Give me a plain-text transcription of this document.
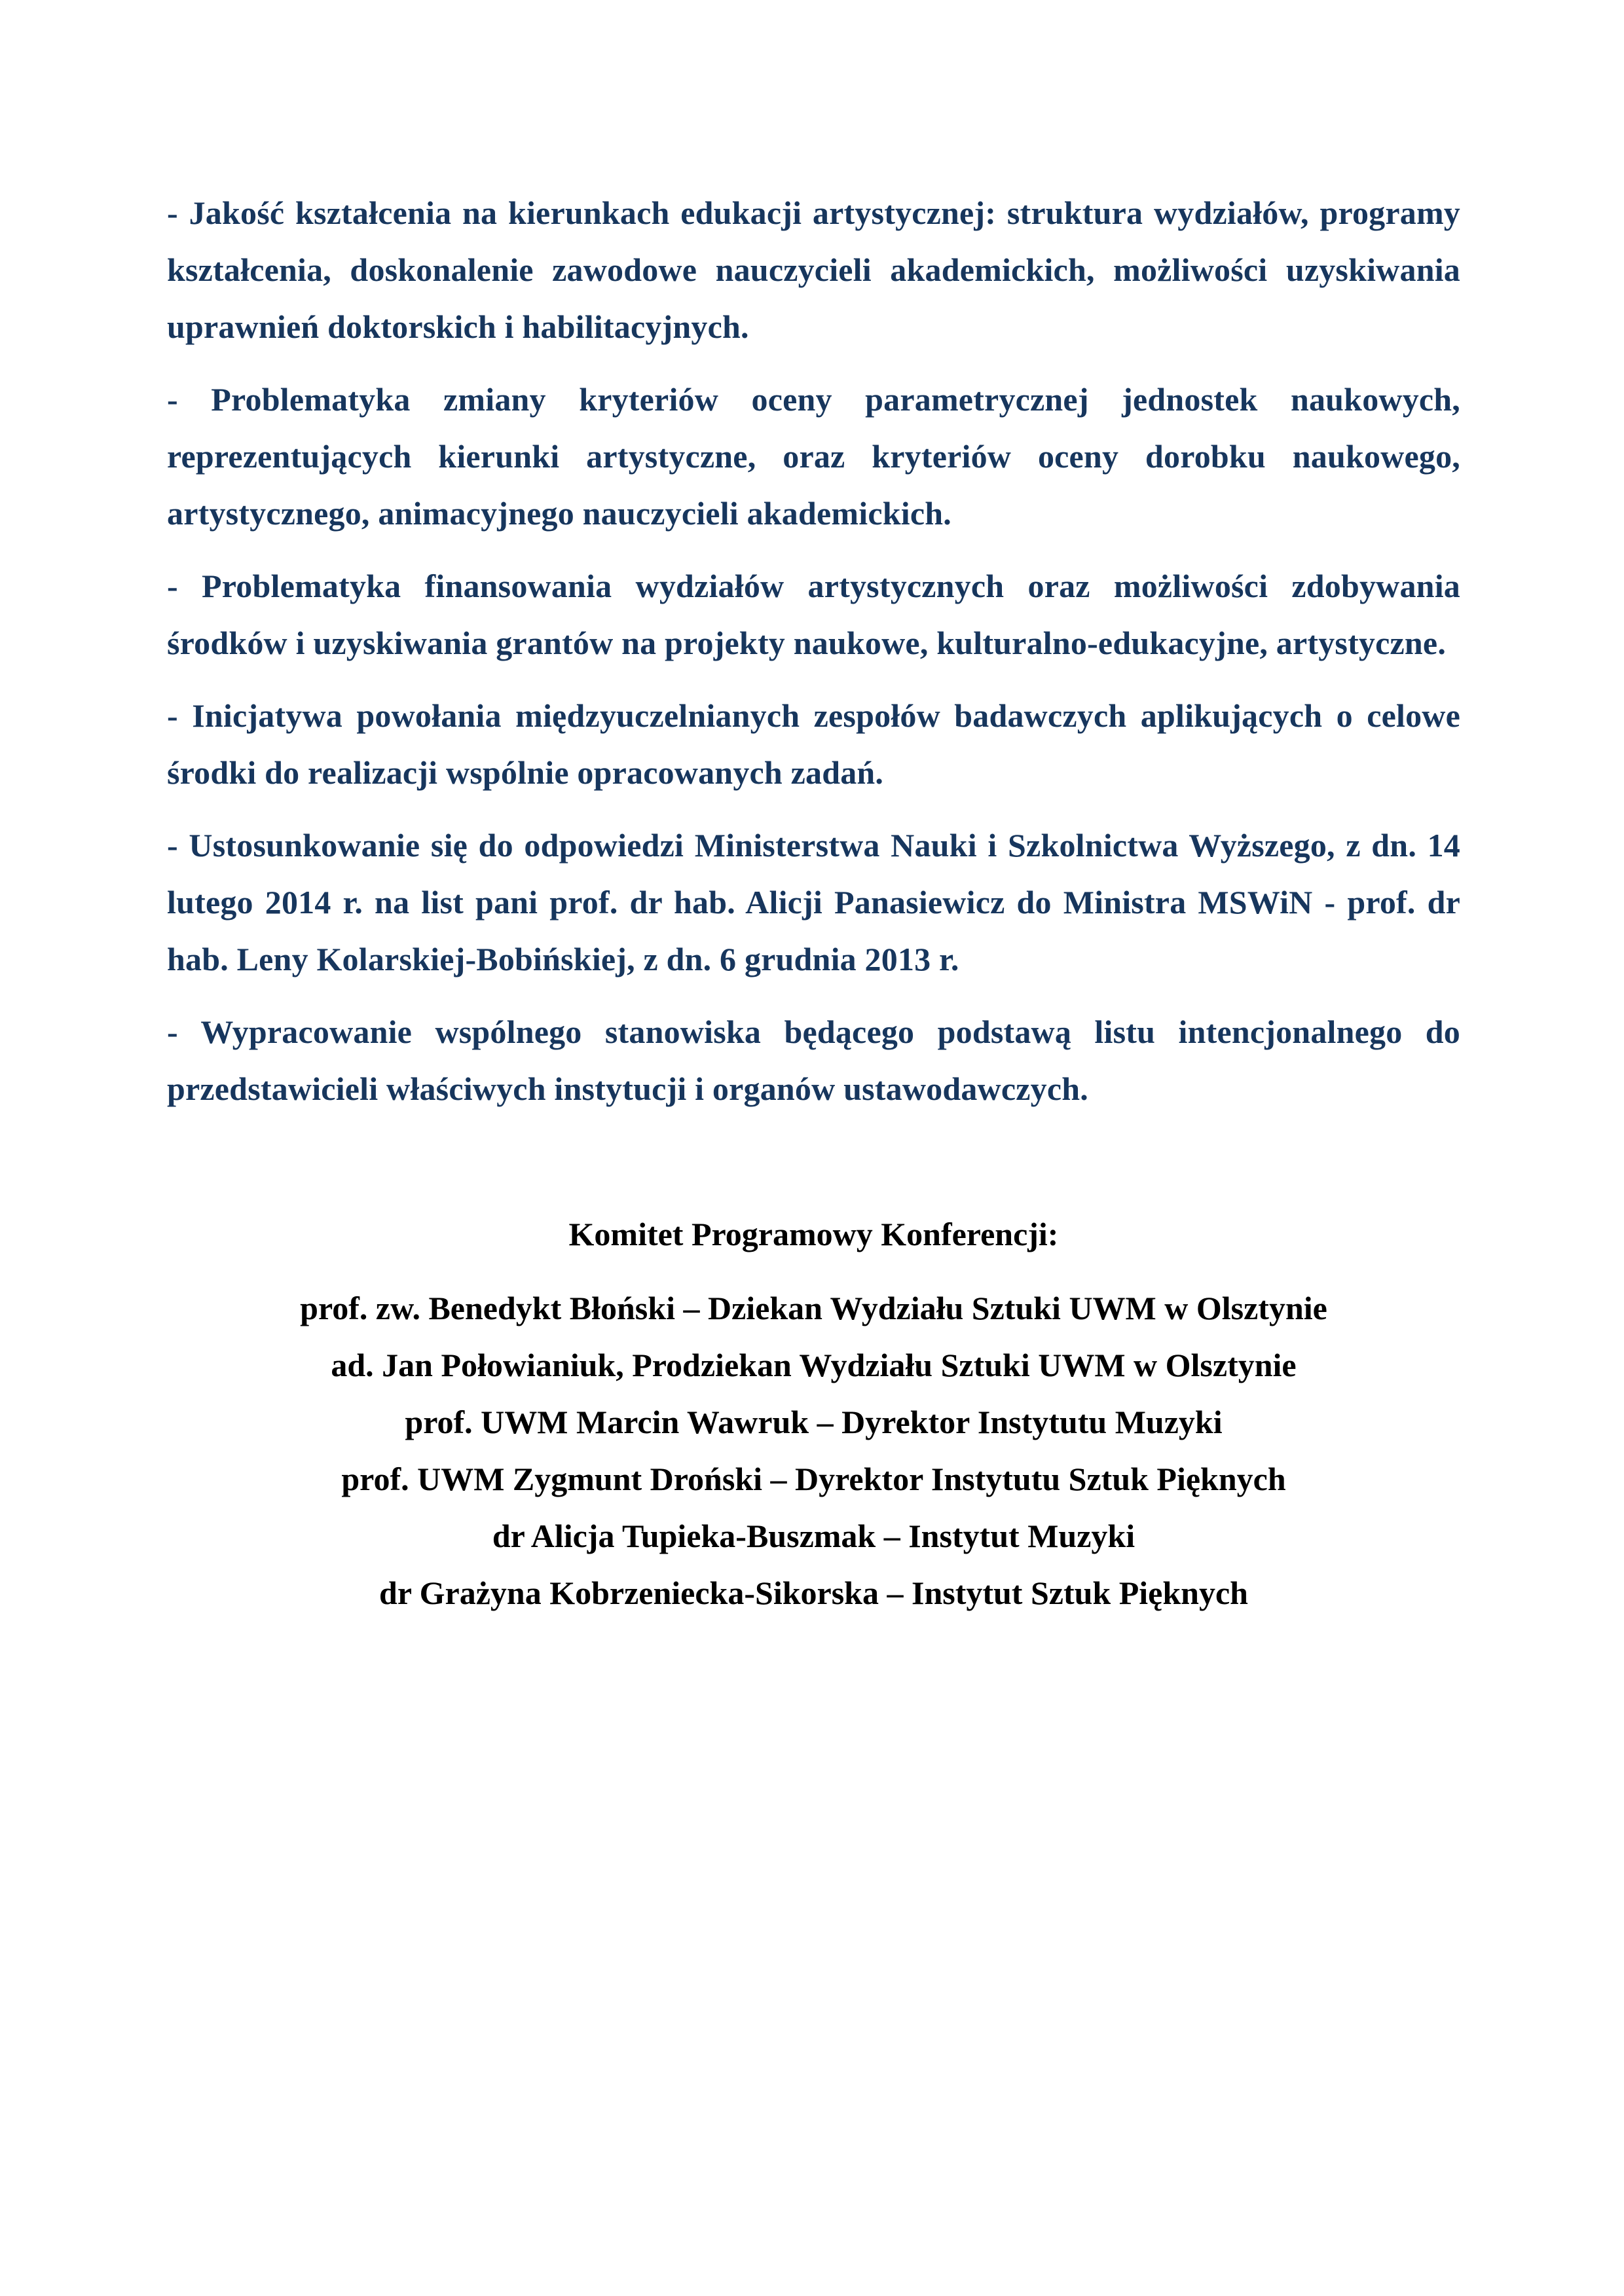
- Jakość kształcenia na kierunkach edukacji artystycznej: struktura wydziałów, programy kształcenia, doskonalenie zawodowe nauczycieli akademickich, możliwości uzyskiwania uprawnień doktorskich i habilitacyjnych.

- Problematyka zmiany kryteriów oceny parametrycznej jednostek naukowych, reprezentujących kierunki artystyczne, oraz kryteriów oceny dorobku naukowego, artystycznego, animacyjnego nauczycieli akademickich.

- Problematyka finansowania wydziałów artystycznych oraz możliwości zdobywania środków i uzyskiwania grantów na projekty naukowe, kulturalno-edukacyjne, artystyczne.

- Inicjatywa powołania międzyuczelnianych zespołów badawczych aplikujących o celowe środki do realizacji wspólnie opracowanych zadań.

- Ustosunkowanie się do odpowiedzi Ministerstwa Nauki i Szkolnictwa Wyższego, z dn. 14 lutego 2014 r. na list pani prof. dr hab. Alicji Panasiewicz do Ministra MSWiN - prof. dr hab. Leny Kolarskiej-Bobińskiej, z dn. 6 grudnia 2013 r.

- Wypracowanie wspólnego stanowiska będącego podstawą listu intencjonalnego do przedstawicieli właściwych instytucji i organów ustawodawczych.

Komitet Programowy Konferencji:

prof. zw. Benedykt Błoński – Dziekan Wydziału Sztuki UWM w Olsztynie

ad. Jan Połowianiuk, Prodziekan Wydziału Sztuki UWM w Olsztynie

prof. UWM Marcin Wawruk – Dyrektor Instytutu Muzyki

prof. UWM Zygmunt Droński – Dyrektor Instytutu Sztuk Pięknych

dr Alicja Tupieka-Buszmak – Instytut Muzyki

dr Grażyna Kobrzeniecka-Sikorska – Instytut Sztuk Pięknych
